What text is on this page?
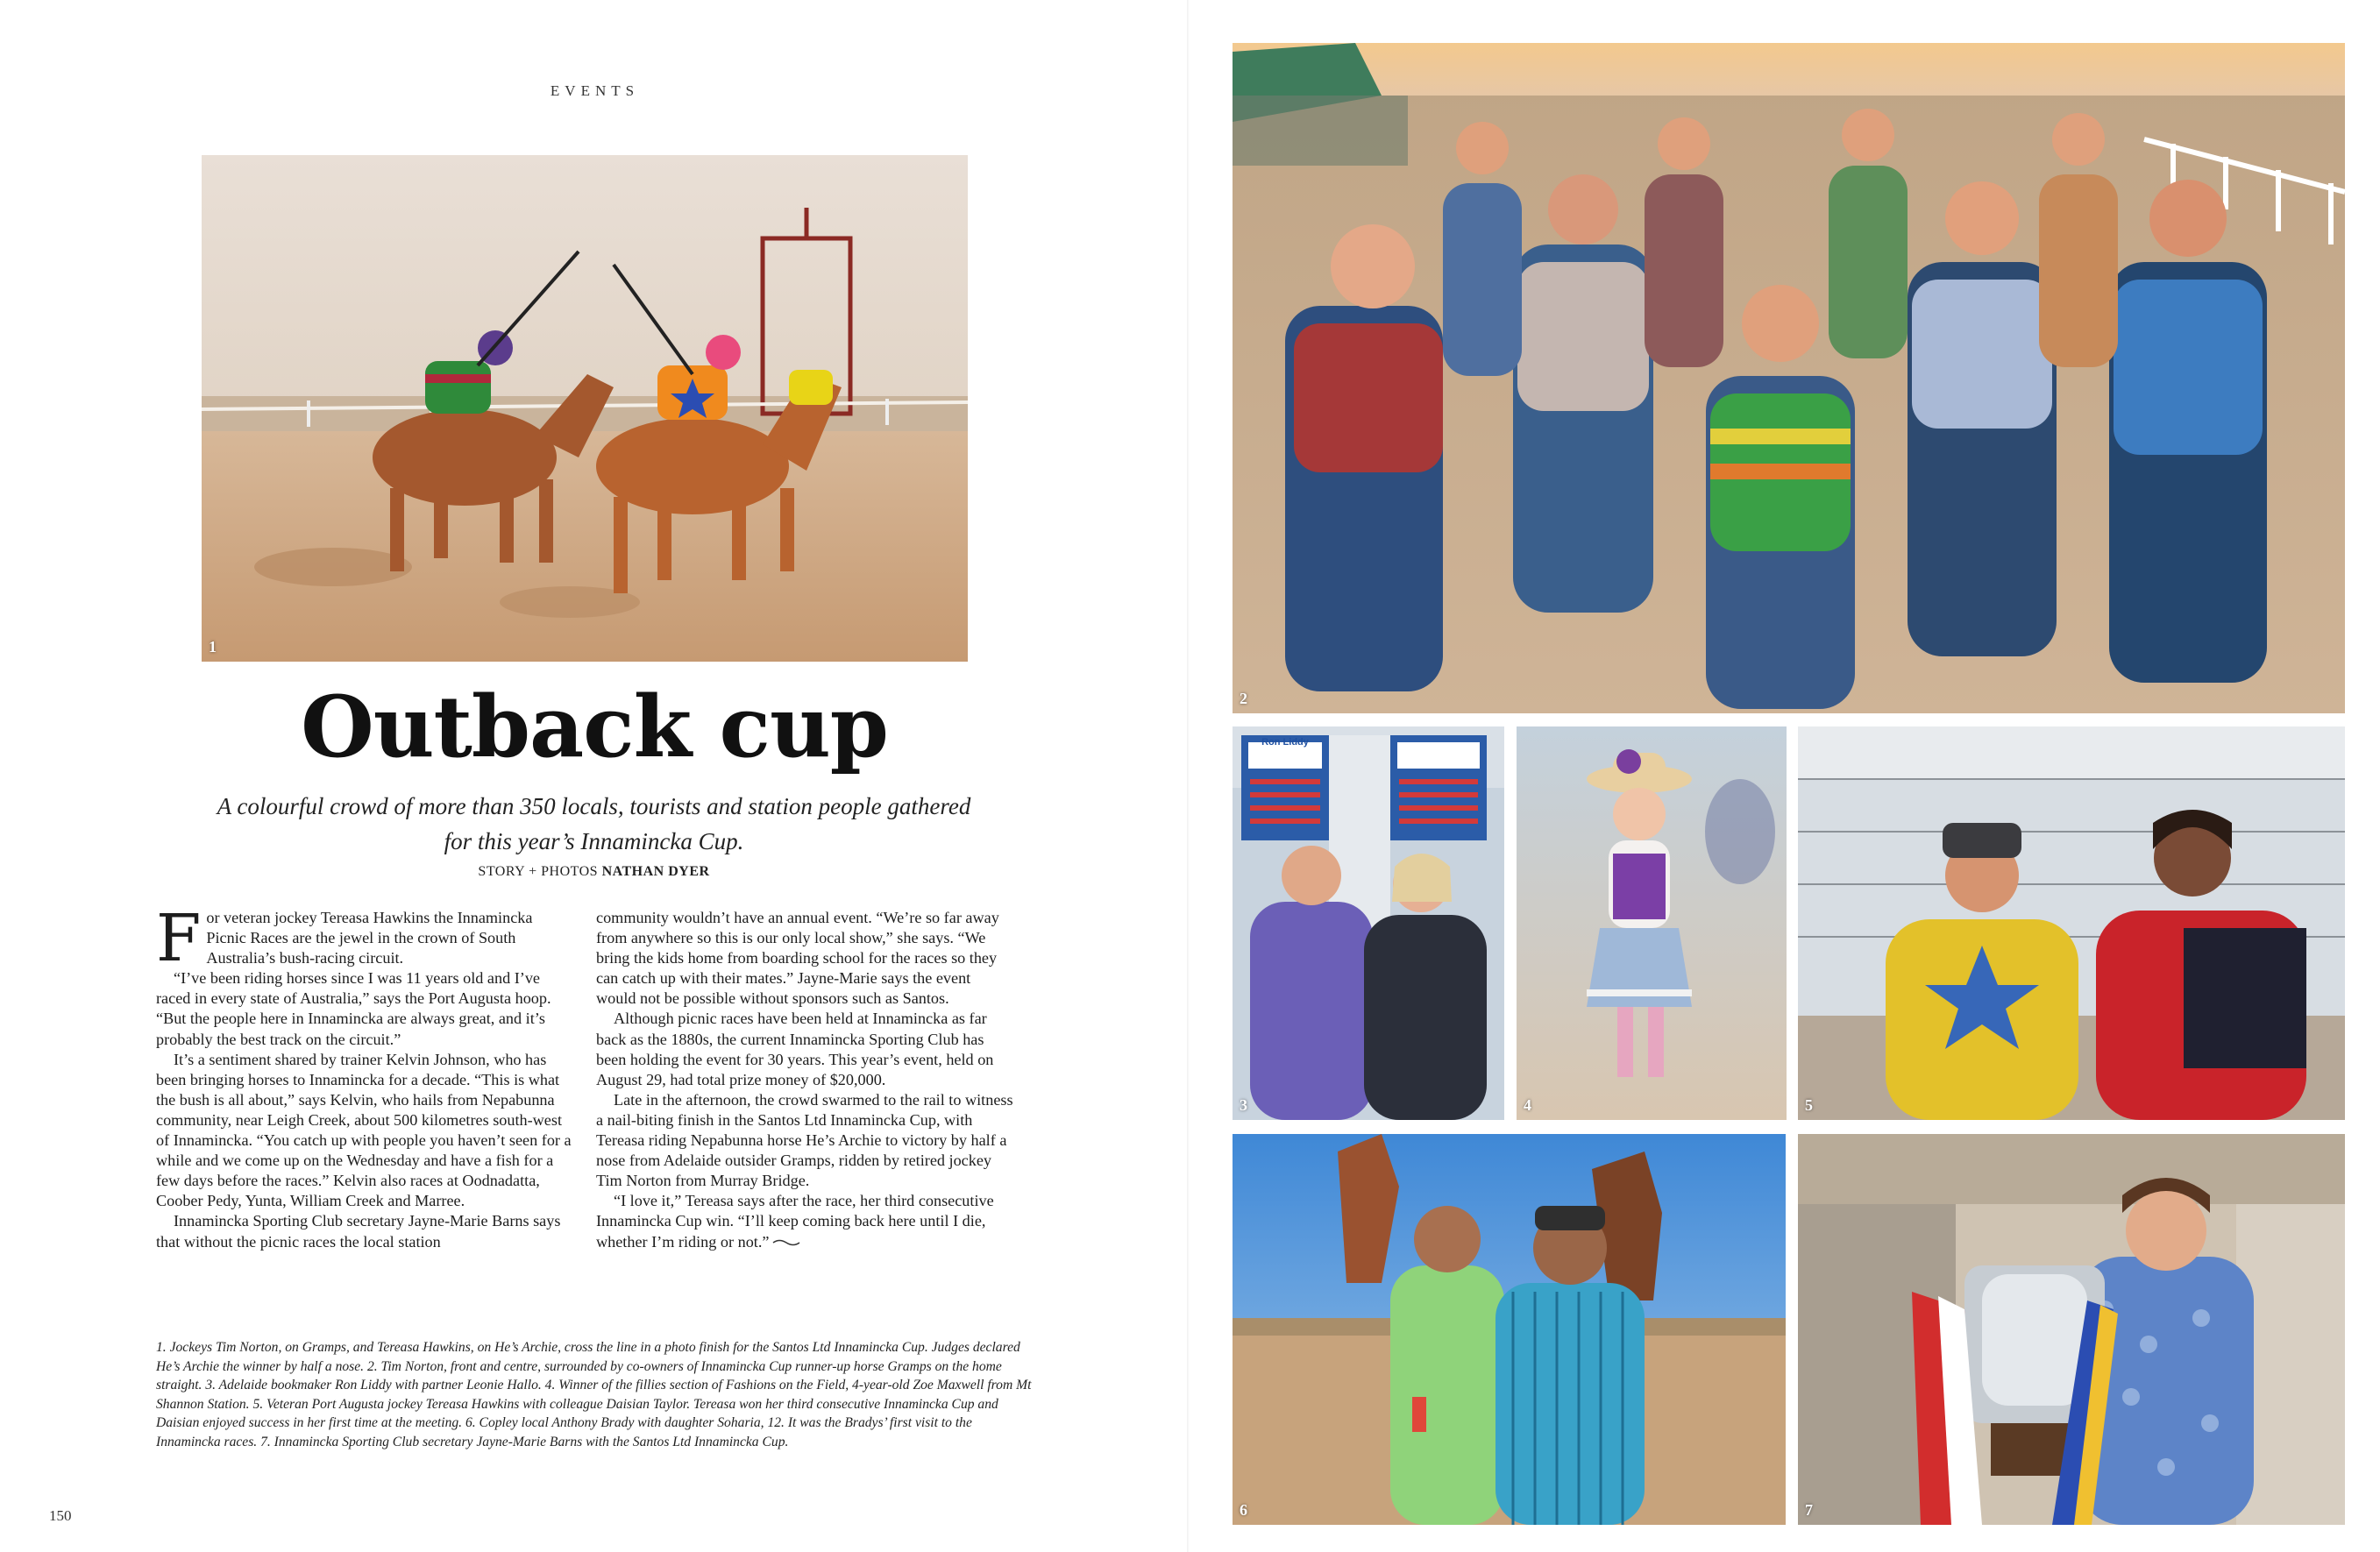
EVENTS
1
Outback cup
A colourful crowd of more than 350 locals, tourists and station people gathered for this year’s Innamincka Cup.
STORY + PHOTOS NATHAN DYER

For veteran jockey Tereasa Hawkins the Innamincka Picnic Races are the jewel in the crown of South Australia’s bush-racing circuit.

“I’ve been riding horses since I was 11 years old and I’ve raced in every state of Australia,” says the Port Augusta hoop. “But the people here in Innamincka are always great, and it’s probably the best track on the circuit.”

It’s a sentiment shared by trainer Kelvin Johnson, who has been bringing horses to Innamincka for a decade. “This is what the bush is all about,” says Kelvin, who hails from Nepabunna community, near Leigh Creek, about 500 kilometres south-west of Innamincka. “You catch up with people you haven’t seen for a while and we come up on the Wednesday and have a fish for a few days before the races.” Kelvin also races at Oodnadatta, Coober Pedy, Yunta, William Creek and Marree.

Innamincka Sporting Club secretary Jayne-Marie Barns says that without the picnic races the local station

community wouldn’t have an annual event. “We’re so far away from anywhere so this is our only local show,” she says. “We bring the kids home from boarding school for the races so they can catch up with their mates.” Jayne-Marie says the event would not be possible without sponsors such as Santos.

Although picnic races have been held at Innamincka as far back as the 1880s, the current Innamincka Sporting Club has been holding the event for 30 years. This year’s event, held on August 29, had total prize money of $20,000.

Late in the afternoon, the crowd swarmed to the rail to witness a nail-biting finish in the Santos Ltd Innamincka Cup, with Tereasa riding Nepabunna horse He’s Archie to victory by half a nose from Adelaide outsider Gramps, ridden by retired jockey Tim Norton from Murray Bridge.

“I love it,” Tereasa says after the race, her third consecutive Innamincka Cup win. “I’ll keep coming back here until I die, whether I’m riding or not.”

1. Jockeys Tim Norton, on Gramps, and Tereasa Hawkins, on He’s Archie, cross the line in a photo finish for the Santos Ltd Innamincka Cup. Judges declared He’s Archie the winner by half a nose. 2. Tim Norton, front and centre, surrounded by co-owners of Innamincka Cup runner-up horse Gramps on the home straight. 3. Adelaide bookmaker Ron Liddy with partner Leonie Hallo. 4. Winner of the fillies section of Fashions on the Field, 4-year-old Zoe Maxwell from Mt Shannon Station. 5. Veteran Port Augusta jockey Tereasa Hawkins with colleague Daisian Taylor. Tereasa won her third consecutive Innamincka Cup and Daisian enjoyed success in her first time at the meeting. 6. Copley local Anthony Brady with daughter Soharia, 12. It was the Bradys’ first visit to the Innamincka races. 7. Innamincka Sporting Club secretary Jayne-Marie Barns with the Santos Ltd Innamincka Cup.

150
2
3
Ron Liddy
4	5
6	7
